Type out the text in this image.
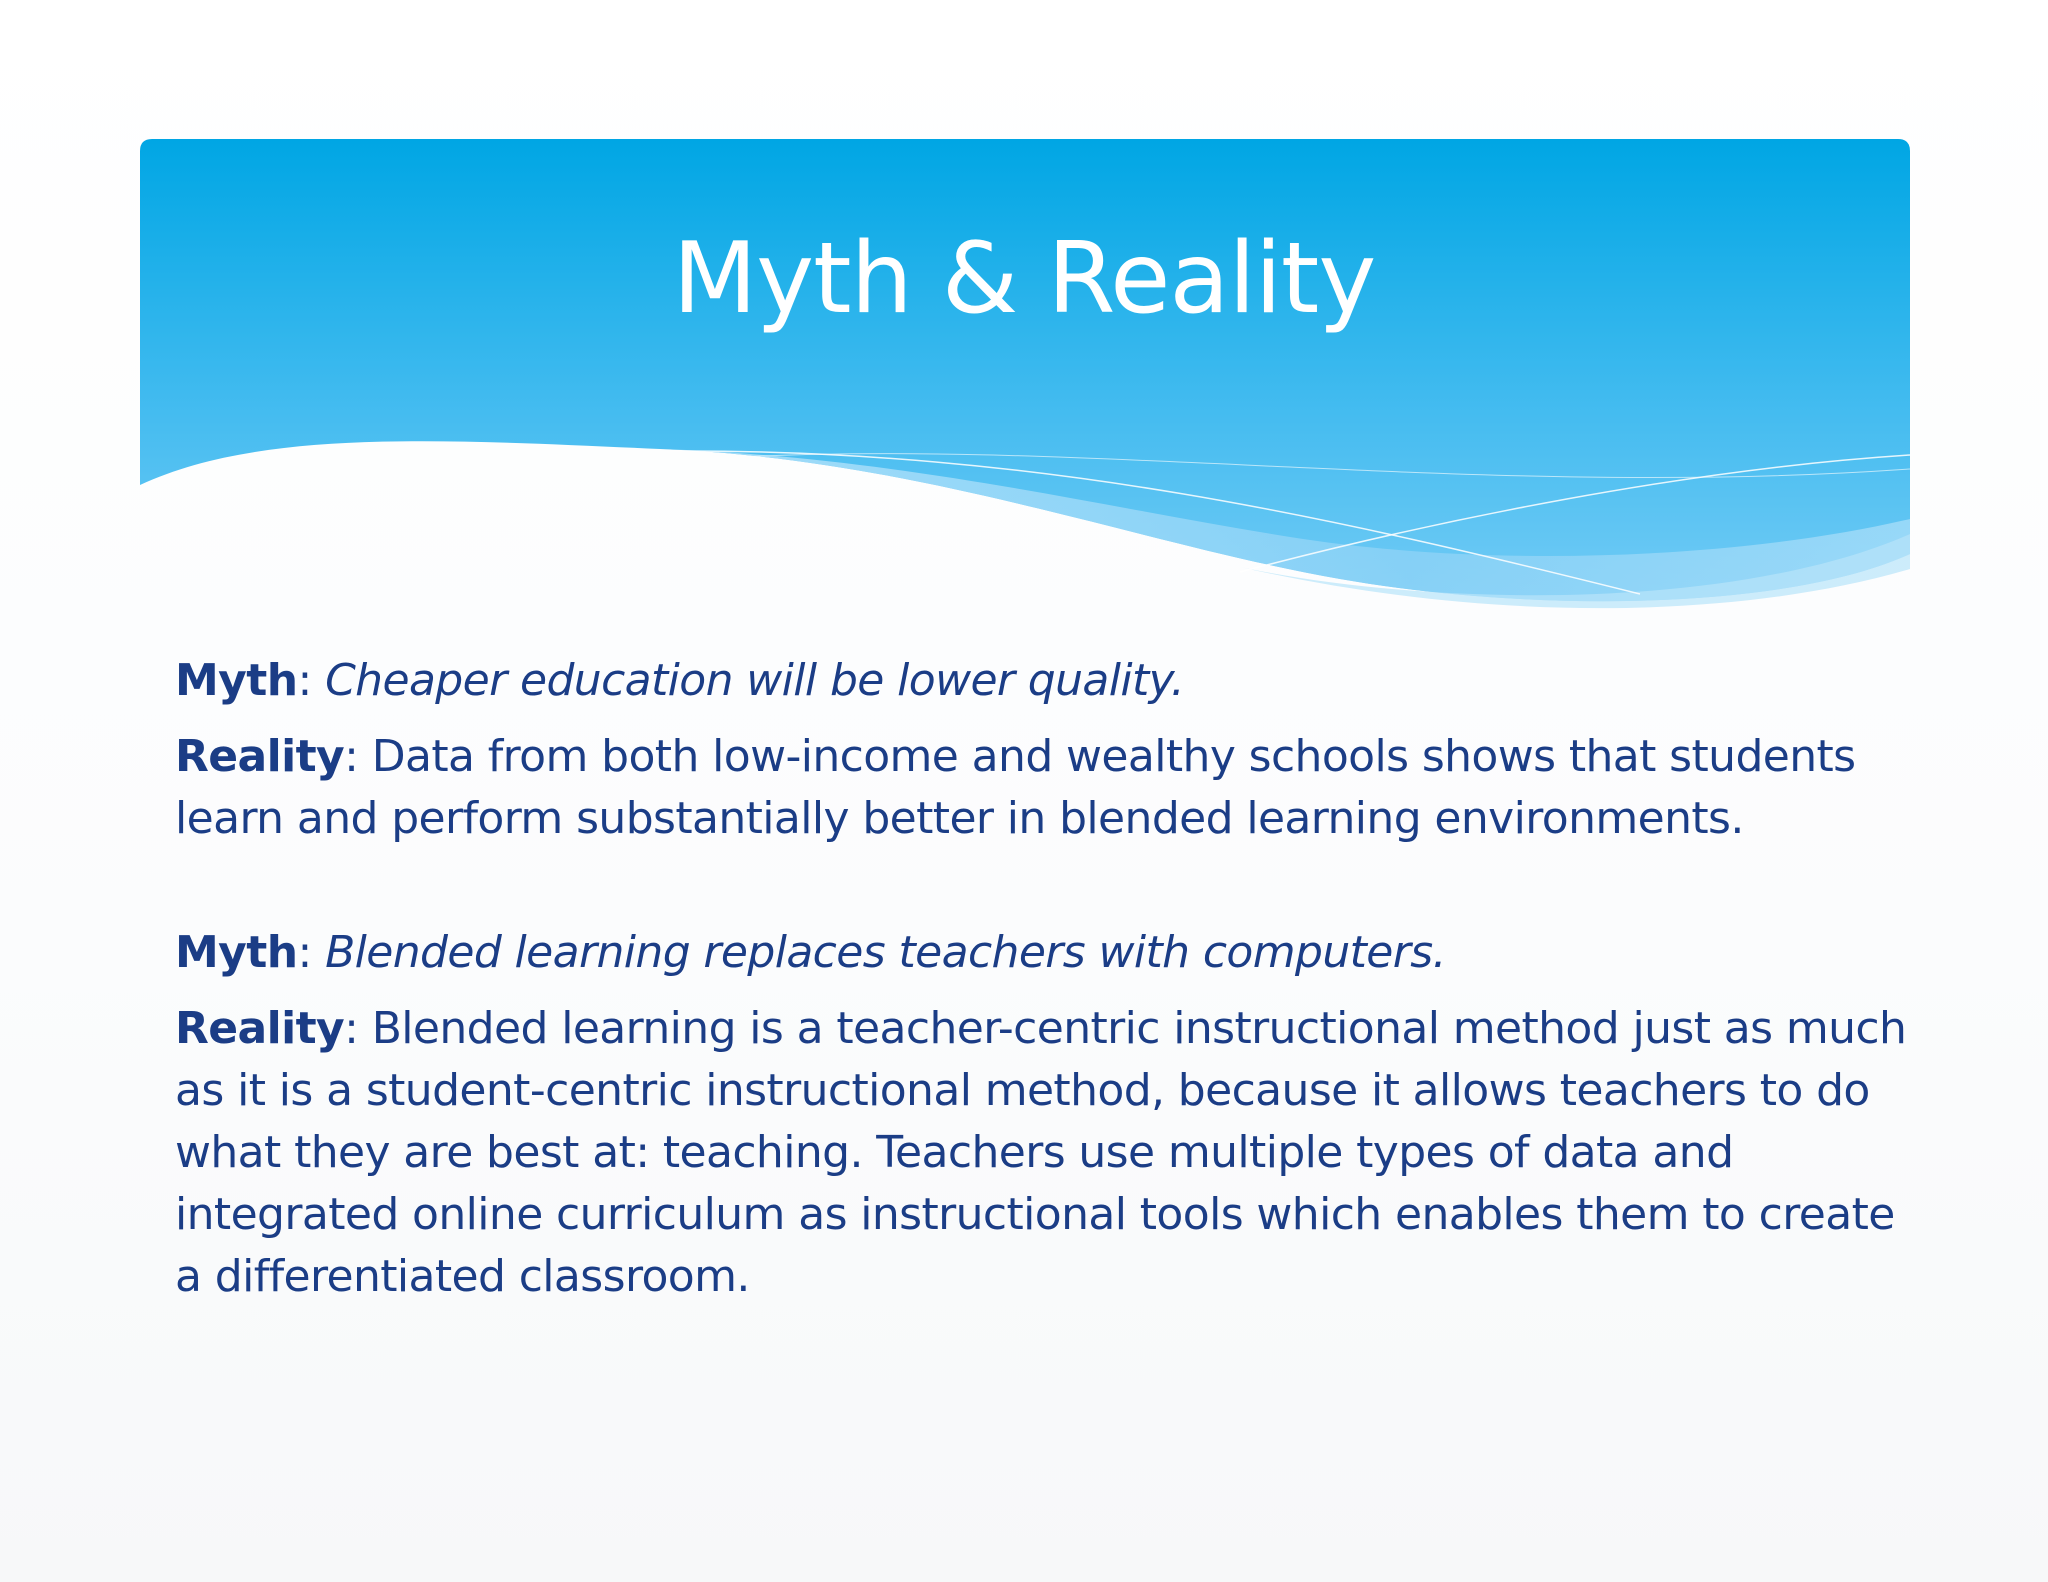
Myth & Reality

Myth: Cheaper education will be lower quality.

Reality: Data from both low-income and wealthy schools shows that students learn and perform substantially better in blended learning environments.

Myth: Blended learning replaces teachers with computers.

Reality: Blended learning is a teacher-centric instructional method just as much as it is a student-centric instructional method, because it allows teachers to do what they are best at: teaching. Teachers use multiple types of data and integrated online curriculum as instructional tools which enables them to create a differentiated classroom.
